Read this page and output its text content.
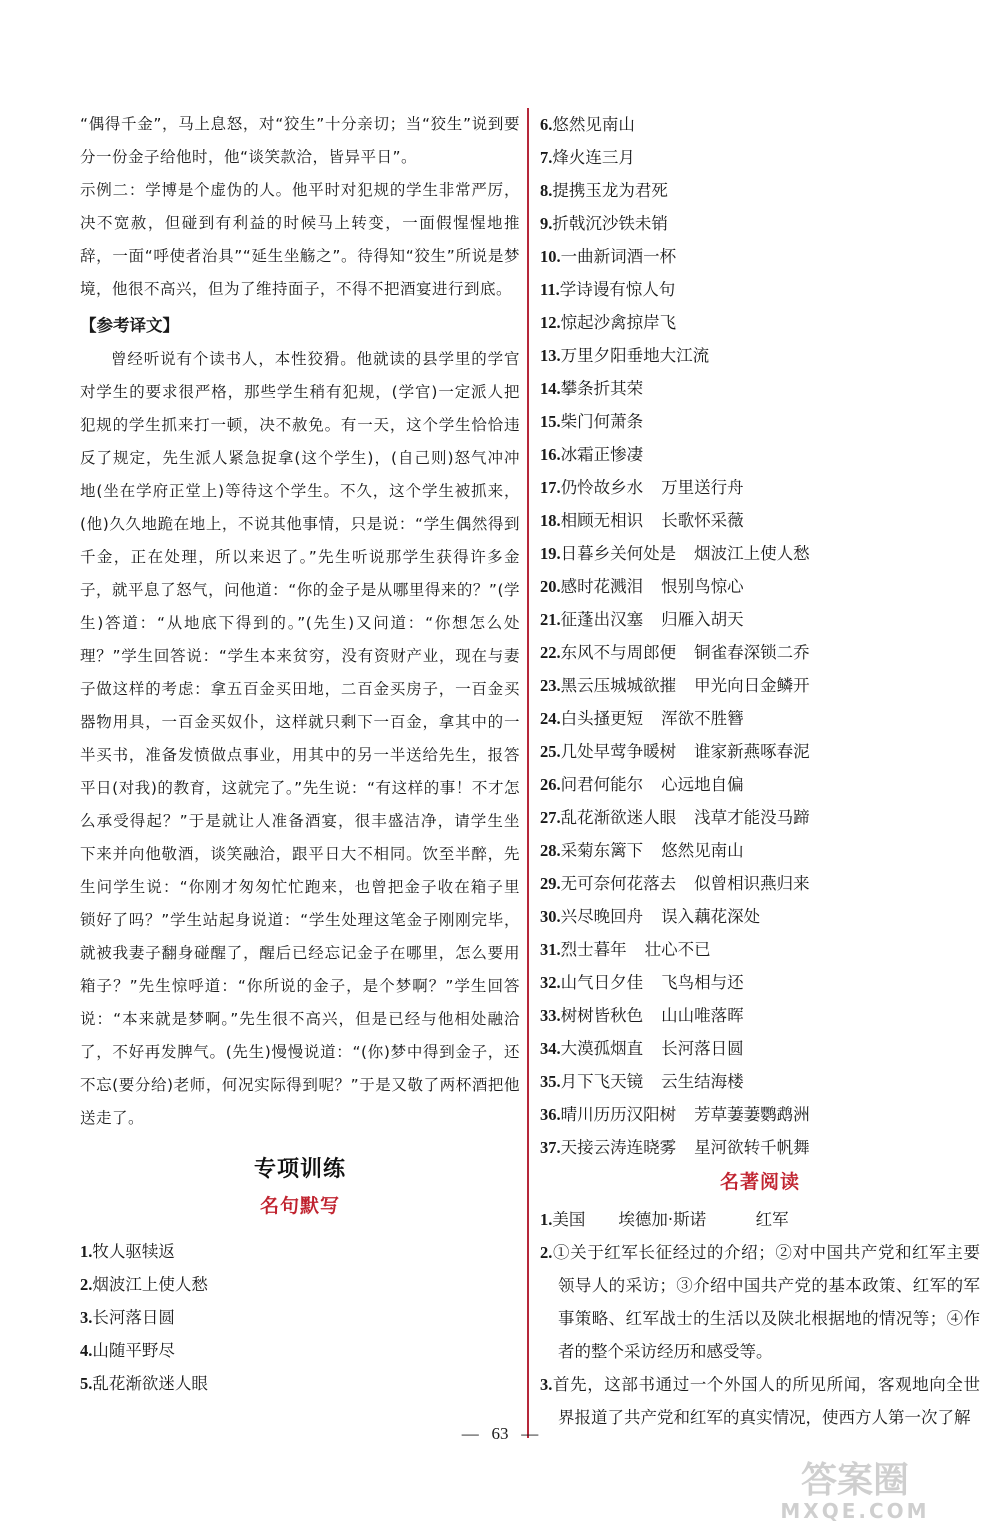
“偶得千金”，马上息怒，对“狡生”十分亲切；当“狡生”说到要分一份金子给他时，他“谈笑款洽，皆异平日”。

示例二：学博是个虚伪的人。他平时对犯规的学生非常严厉，决不宽赦，但碰到有利益的时候马上转变，一面假惺惺地推辞，一面“呼使者治具”“延生坐觞之”。待得知“狡生”所说是梦境，他很不高兴，但为了维持面子，不得不把酒宴进行到底。

【参考译文】

曾经听说有个读书人，本性狡猾。他就读的县学里的学官对学生的要求很严格，那些学生稍有犯规，(学官)一定派人把犯规的学生抓来打一顿，决不赦免。有一天，这个学生恰恰违反了规定，先生派人紧急捉拿(这个学生)，(自己则)怒气冲冲地(坐在学府正堂上)等待这个学生。不久，这个学生被抓来，(他)久久地跪在地上，不说其他事情，只是说：“学生偶然得到千金，正在处理，所以来迟了。”先生听说那学生获得许多金子，就平息了怒气，问他道：“你的金子是从哪里得来的？”(学生)答道：“从地底下得到的。”(先生)又问道：“你想怎么处理？”学生回答说：“学生本来贫穷，没有资财产业，现在与妻子做这样的考虑：拿五百金买田地，二百金买房子，一百金买器物用具，一百金买奴仆，这样就只剩下一百金，拿其中的一半买书，准备发愤做点事业，用其中的另一半送给先生，报答平日(对我)的教育，这就完了。”先生说：“有这样的事！不才怎么承受得起？”于是就让人准备酒宴，很丰盛洁净，请学生坐下来并向他敬酒，谈笑融洽，跟平日大不相同。饮至半醉，先生问学生说：“你刚才匆匆忙忙跑来，也曾把金子收在箱子里锁好了吗？”学生站起身说道：“学生处理这笔金子刚刚完毕，就被我妻子翻身碰醒了，醒后已经忘记金子在哪里，怎么要用箱子？”先生惊呼道：“你所说的金子，是个梦啊？”学生回答说：“本来就是梦啊。”先生很不高兴，但是已经与他相处融洽了，不好再发脾气。(先生)慢慢说道：“(你)梦中得到金子，还不忘(要分给)老师，何况实际得到呢？”于是又敬了两杯酒把他送走了。

专项训练
名句默写

1.牧人驱犊返

2.烟波江上使人愁

3.长河落日圆

4.山随平野尽

5.乱花渐欲迷人眼

6.悠然见南山

7.烽火连三月

8.提携玉龙为君死

9.折戟沉沙铁未销

10.一曲新词酒一杯

11.学诗谩有惊人句

12.惊起沙禽掠岸飞

13.万里夕阳垂地大江流

14.攀条折其荣

15.柴门何萧条

16.冰霜正惨凄

17.仍怜故乡水 万里送行舟

18.相顾无相识 长歌怀采薇

19.日暮乡关何处是 烟波江上使人愁

20.感时花溅泪 恨别鸟惊心

21.征蓬出汉塞 归雁入胡天

22.东风不与周郎便 铜雀春深锁二乔

23.黑云压城城欲摧 甲光向日金鳞开

24.白头搔更短 浑欲不胜簪

25.几处早莺争暖树 谁家新燕啄春泥

26.问君何能尔 心远地自偏

27.乱花渐欲迷人眼 浅草才能没马蹄

28.采菊东篱下 悠然见南山

29.无可奈何花落去 似曾相识燕归来

30.兴尽晚回舟 误入藕花深处

31.烈士暮年 壮心不已

32.山气日夕佳 飞鸟相与还

33.树树皆秋色 山山唯落晖

34.大漠孤烟直 长河落日圆

35.月下飞天镜 云生结海楼

36.晴川历历汉阳树 芳草萋萋鹦鹉洲

37.天接云涛连晓雾 星河欲转千帆舞

名著阅读

1.美国　　埃德加·斯诺　　　红军

2.①关于红军长征经过的介绍；②对中国共产党和红军主要领导人的采访；③介绍中国共产党的基本政策、红军的军事策略、红军战士的生活以及陕北根据地的情况等；④作者的整个采访经历和感受等。

3.首先，这部书通过一个外国人的所见所闻，客观地向全世界报道了共产党和红军的真实情况，使西方人第一次了解

—   63   —
答案圈
MXQE.COM
